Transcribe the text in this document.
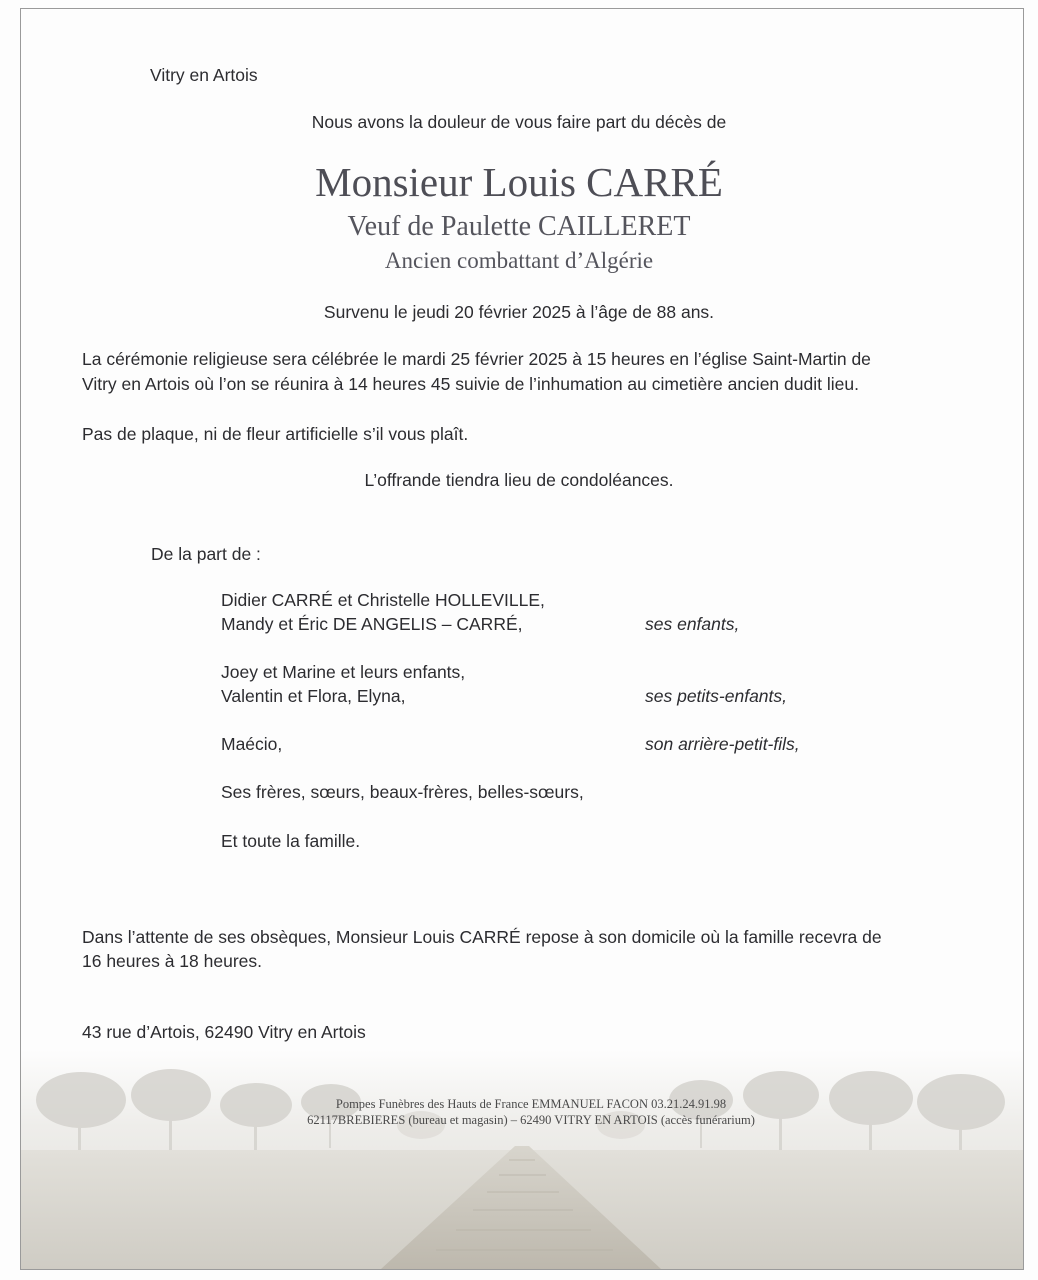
Vitry en Artois
Nous avons la douleur de vous faire part du décès de
Monsieur Louis CARRÉ
Veuf de Paulette CAILLERET
Ancien combattant d’Algérie
Survenu le jeudi 20 février 2025 à l’âge de 88 ans.
La cérémonie religieuse sera célébrée le mardi 25 février 2025 à 15 heures en l’église Saint-Martin de
Vitry en Artois où l’on se réunira à 14 heures 45 suivie de l’inhumation au cimetière ancien dudit lieu.
Pas de plaque, ni de fleur artificielle s’il vous plaît.
L’offrande tiendra lieu de condoléances.
De la part de :
Didier CARRÉ et Christelle HOLLEVILLE,
Mandy et Éric DE ANGELIS – CARRÉ,	ses enfants,
Joey et Marine et leurs enfants,
Valentin et Flora, Elyna,	ses petits-enfants,
Maécio,	son arrière-petit-fils,
Ses frères, sœurs, beaux-frères, belles-sœurs,
Et toute la famille.
Dans l’attente de ses obsèques, Monsieur Louis CARRÉ repose à son domicile où la famille recevra de
16 heures à 18 heures.
43 rue d’Artois, 62490 Vitry en Artois
Pompes Funèbres des Hauts de France EMMANUEL FACON 03.21.24.91.98
62117BREBIERES (bureau et magasin) – 62490 VITRY EN ARTOIS (accès funérarium)
